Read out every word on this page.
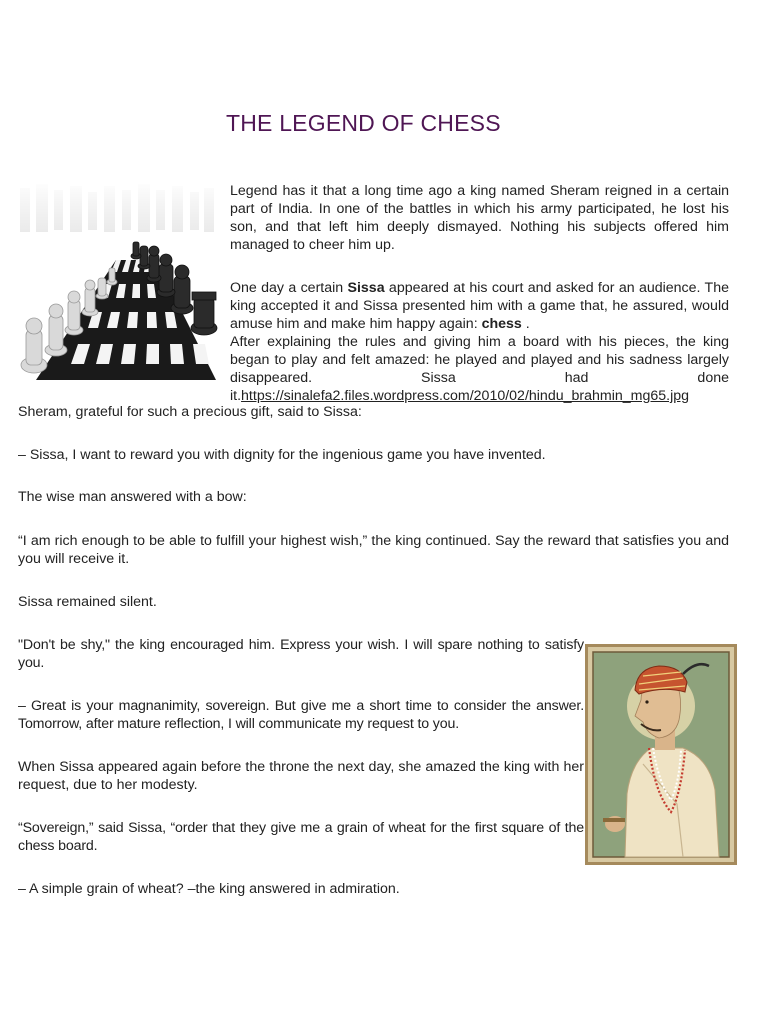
THE LEGEND OF CHESS
Legend has it that a long time ago a king named Sheram reigned in a certain part of India. In one of the battles in which his army participated, he lost his son, and that left him deeply dismayed. Nothing his subjects offered him managed to cheer him up.
One day a certain Sissa appeared at his court and asked for an audience. The king accepted it and Sissa presented him with a game that, he assured, would amuse him and make him happy again: chess .
After explaining the rules and giving him a board with his pieces, the king began to play and felt amazed: he played and played and his sadness largely disappeared. Sissa had done
it.https://sinalefa2.files.wordpress.com/2010/02/hindu_brahmin_mg65.jpg
Sheram, grateful for such a precious gift, said to Sissa:
– Sissa, I want to reward you with dignity for the ingenious game you have invented.
The wise man answered with a bow:
“I am rich enough to be able to fulfill your highest wish,” the king continued. Say the reward that satisfies you and you will receive it.
Sissa remained silent.
"Don't be shy," the king encouraged him. Express your wish. I will spare nothing to satisfy you.
– Great is your magnanimity, sovereign. But give me a short time to consider the answer. Tomorrow, after mature reflection, I will communicate my request to you.
When Sissa appeared again before the throne the next day, she amazed the king with her request, due to her modesty.
“Sovereign,” said Sissa, “order that they give me a grain of wheat for the first square of the chess board.
– A simple grain of wheat? –the king answered in admiration.
